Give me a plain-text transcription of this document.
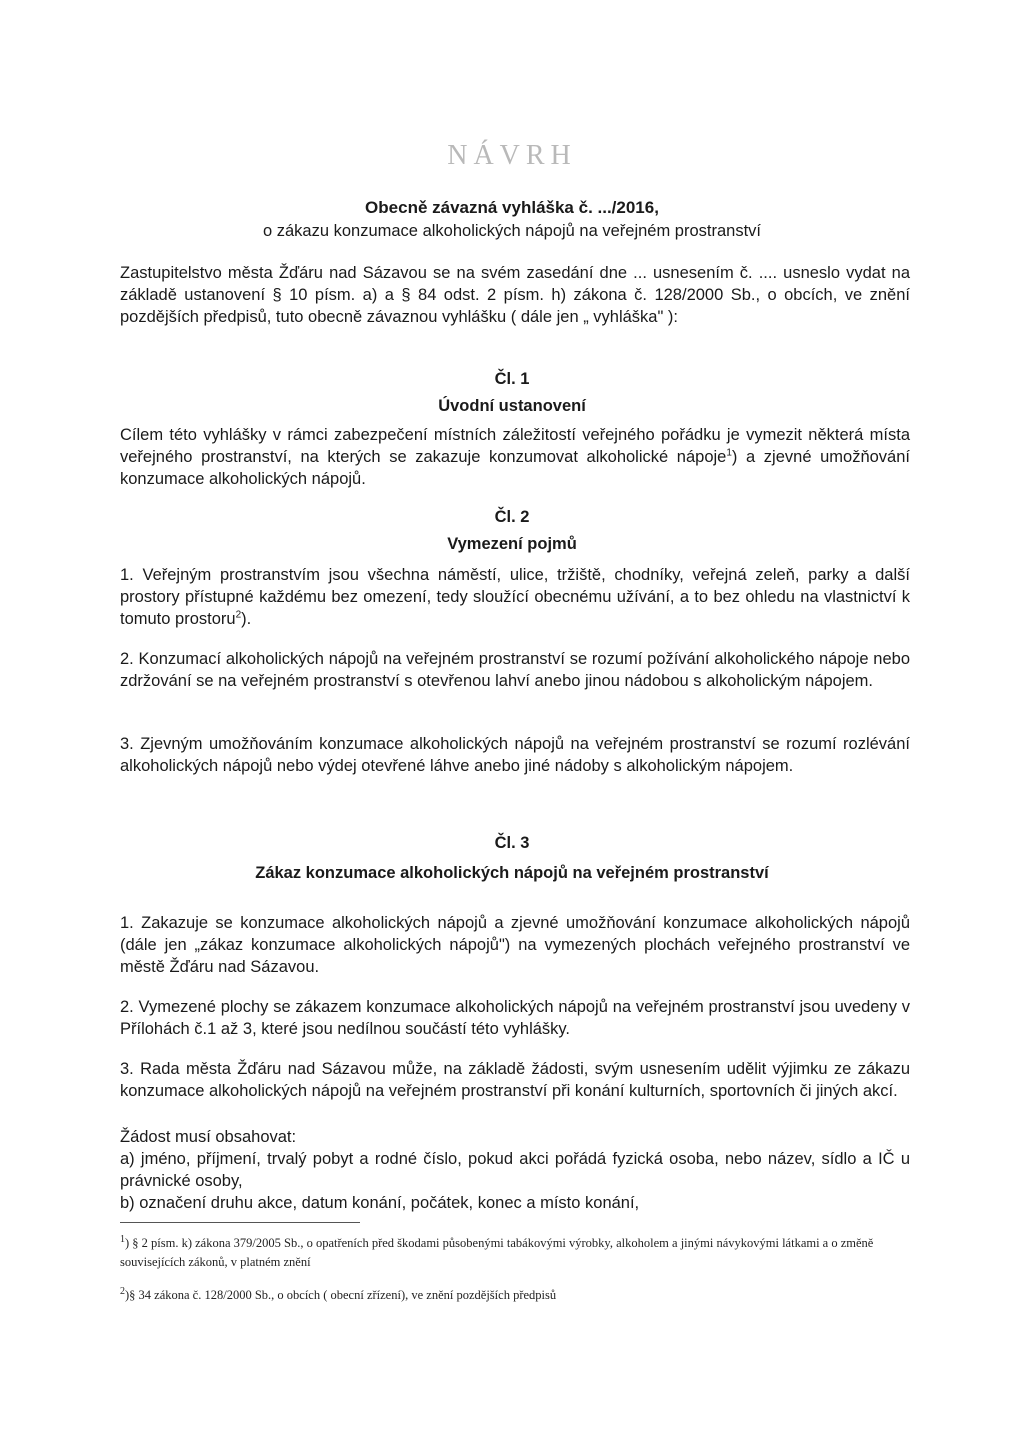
NÁVRH
Obecně závazná vyhláška č. .../2016,
o zákazu konzumace alkoholických nápojů na veřejném prostranství
Zastupitelstvo města Žďáru nad Sázavou se na svém zasedání dne ... usnesením č. .... usneslo vydat na základě ustanovení § 10 písm. a) a § 84 odst. 2 písm. h) zákona č. 128/2000 Sb., o obcích, ve znění pozdějších předpisů, tuto obecně závaznou vyhlášku ( dále jen „ vyhláška" ):
Čl. 1
Úvodní ustanovení
Cílem této vyhlášky v rámci zabezpečení místních záležitostí veřejného pořádku je vymezit některá místa veřejného prostranství, na kterých se zakazuje konzumovat alkoholické nápoje$^1$) a zjevné umožňování konzumace alkoholických nápojů.
Čl. 2
Vymezení pojmů
1. Veřejným prostranstvím jsou všechna náměstí, ulice, tržiště, chodníky, veřejná zeleň, parky a další prostory přístupné každému bez omezení, tedy sloužící obecnému užívání, a to bez ohledu na vlastnictví k tomuto prostoru$^2$).
2. Konzumací alkoholických nápojů na veřejném prostranství se rozumí požívání alkoholického nápoje nebo zdržování se na veřejném prostranství s otevřenou lahví anebo jinou nádobou s alkoholickým nápojem.
3. Zjevným umožňováním konzumace alkoholických nápojů na veřejném prostranství se rozumí rozlévání alkoholických nápojů nebo výdej otevřené láhve anebo jiné nádoby s alkoholickým nápojem.
Čl. 3
Zákaz konzumace alkoholických nápojů na veřejném prostranství
1. Zakazuje se konzumace alkoholických nápojů a zjevné umožňování konzumace alkoholických nápojů (dále jen „zákaz konzumace alkoholických nápojů") na vymezených plochách veřejného prostranství ve městě Žďáru nad Sázavou.
2. Vymezené plochy se zákazem konzumace alkoholických nápojů na veřejném prostranství jsou uvedeny v Přílohách č.1 až 3, které jsou nedílnou součástí této vyhlášky.
3. Rada města Žďáru nad Sázavou může, na základě žádosti, svým usnesením udělit výjimku ze zákazu konzumace alkoholických nápojů na veřejném prostranství při konání kulturních, sportovních či jiných akcí.
Žádost musí obsahovat:
a) jméno, příjmení, trvalý pobyt a rodné číslo, pokud akci pořádá fyzická osoba, nebo název, sídlo a IČ u právnické osoby,
b) označení druhu akce, datum konání, počátek, konec a místo konání,
$^1$) § 2 písm. k) zákona 379/2005 Sb., o opatřeních před škodami působenými tabákovými výrobky, alkoholem a jinými návykovými látkami a o změně souvisejících zákonů, v platném znění
$^2$)§ 34 zákona č. 128/2000 Sb., o obcích ( obecní zřízení), ve znění pozdějších předpisů
